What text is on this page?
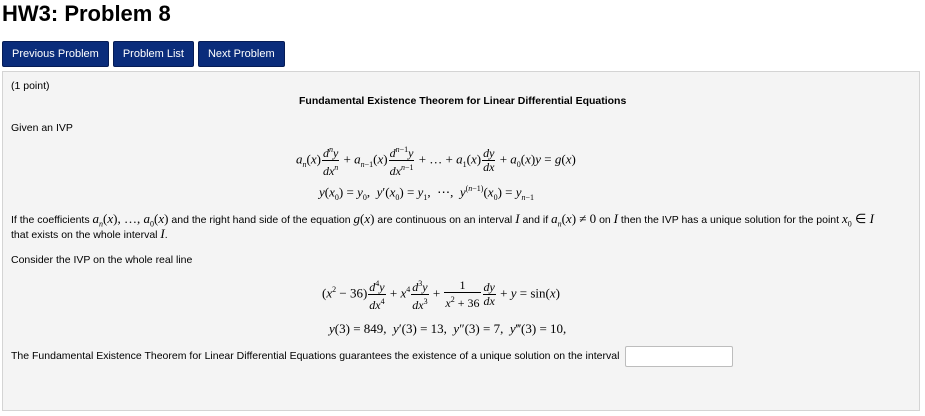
HW3: Problem 8
Previous Problem	Problem List	Next Problem
(1 point)
Fundamental Existence Theorem for Linear Differential Equations
Given an IVP
$a_n(x) \frac{d^ny}{dx^n} + a_{n-1}(x) \frac{d^{n-1}y}{dx^{n-1}}$ + … + $a_1(x) \frac{dy}{dx} + a_0(x)y = g(x)$
$y(x_0) = y_0$,  $y'(x_0) = y_1$,  ⋯,  $y^{(n-1)}(x_0) = y_{n-1}$
If the coefficients $a_n(x)$, …, $a_0(x)$ and the right hand side of the equation g(x) are continuous on an interval I and if $a_n(x) \ne 0$ on I then the IVP has a unique solution for the point $x_0$ ∈ I
that exists on the whole interval I.
Consider the IVP on the whole real line
$(x^2 - 36) \frac{d^4y}{dx^4} + x^4 \frac{d^3y}{dx^3} + \frac{1}{x^2 + 36} \frac{dy}{dx} + y = \sin(x)$
y(3) = 849,  y′(3) = 13,  y″(3) = 7,  y‴(3) = 10,
The Fundamental Existence Theorem for Linear Differential Equations guarantees the existence of a unique solution on the interval
